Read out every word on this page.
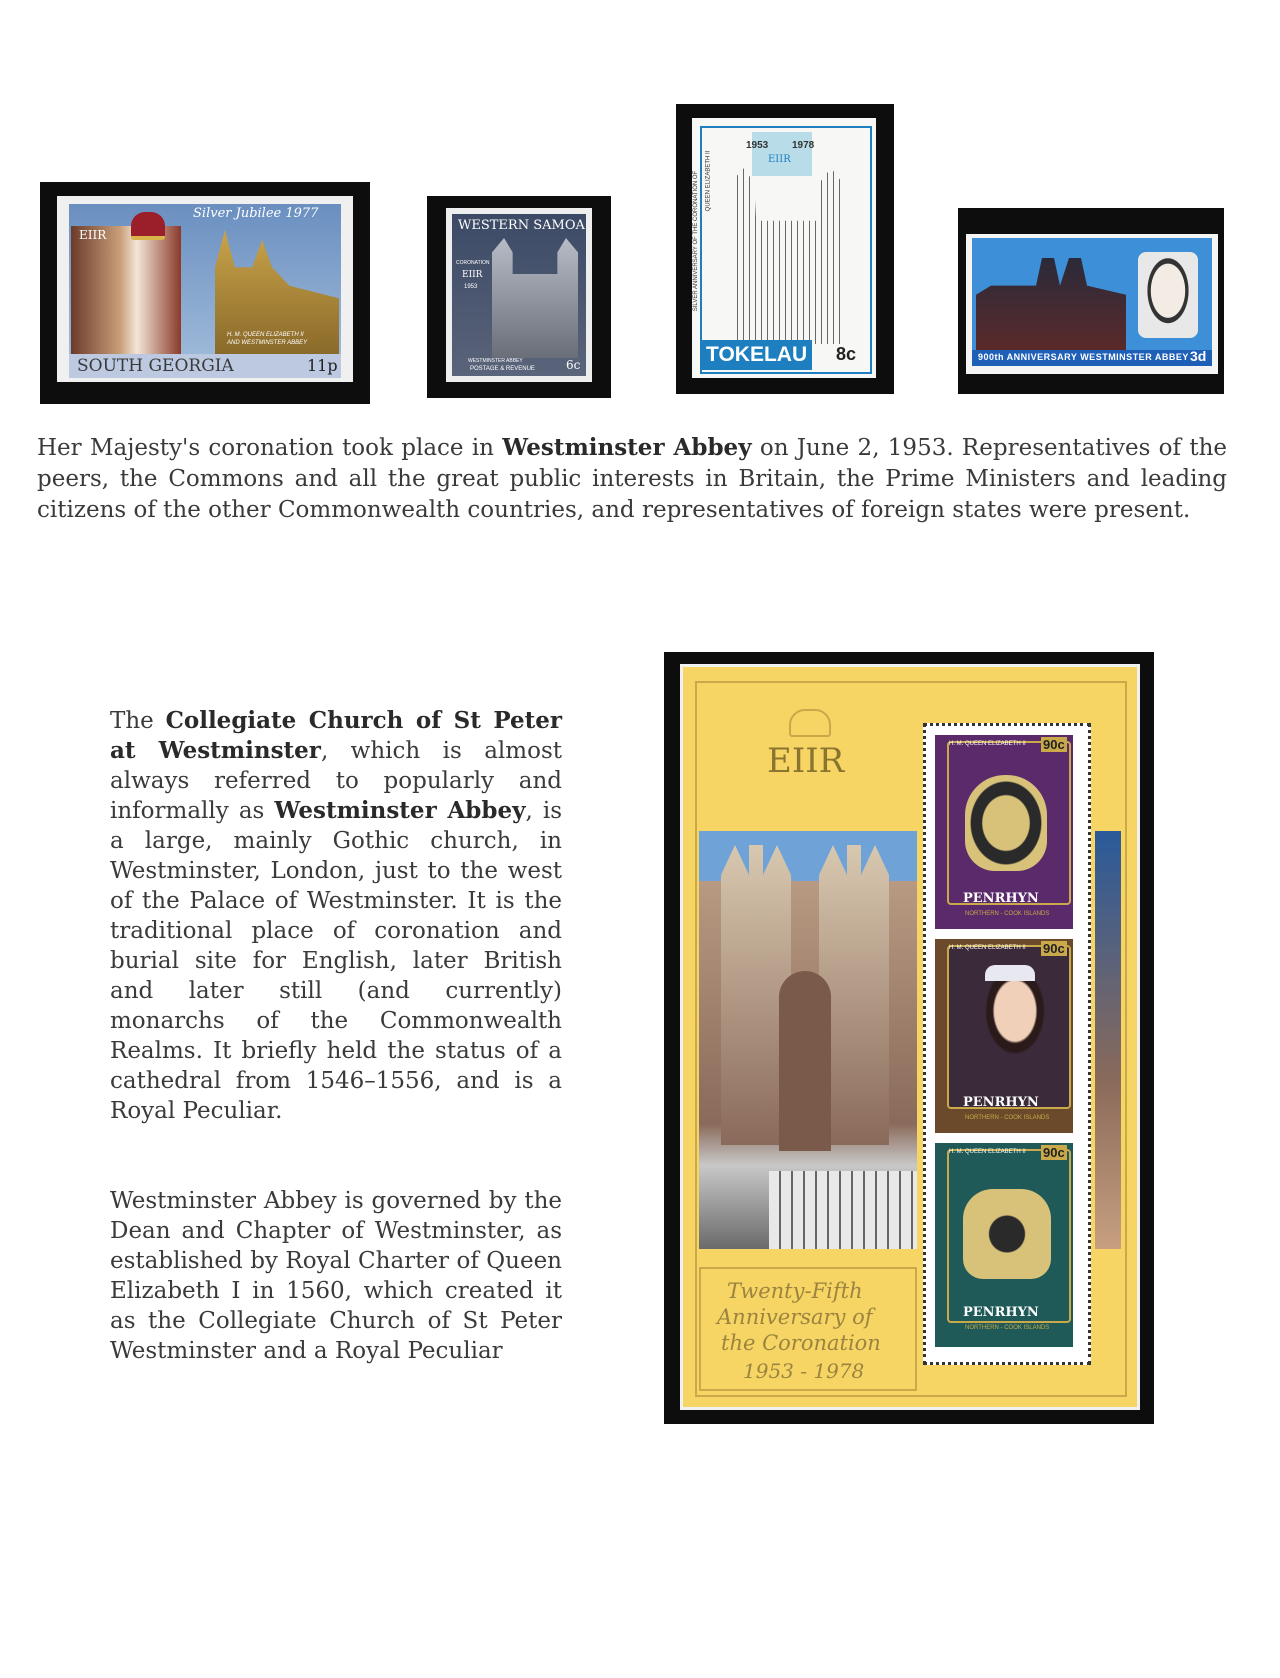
Silver Jubilee 1977
EIIR
H. M. QUEEN ELIZABETH II
AND WESTMINSTER ABBEY
SOUTH GEORGIA	11p
WESTERN SAMOA
CORONATION
EIIR
1953
WESTMINSTER ABBEY
POSTAGE & REVENUE	6c
1953 1978
EIIR
SILVER ANNIVERSARY OF THE CORONATION OF QUEEN ELIZABETH II
TOKELAU 8c	900th ANNIVERSARY WESTMINSTER ABBEY 3d
Her Majesty's coronation took place in Westminster Abbey on June 2, 1953. Representatives of the peers, the Commons and all the great public interests in Britain, the Prime Ministers and leading citizens of the other Commonwealth countries, and representatives of foreign states were present.
The Collegiate Church of St Peter at Westminster, which is almost always referred to popularly and informally as Westminster Abbey, is a large, mainly Gothic church, in Westminster, London, just to the west of the Palace of Westminster. It is the traditional place of coronation and burial site for English, later British and later still (and currently) monarchs of the Commonwealth Realms. It briefly held the status of a cathedral from 1546–1556, and is a Royal Peculiar.
Westminster Abbey is governed by the Dean and Chapter of Westminster, as established by Royal Charter of Queen Elizabeth I in 1560, which created it as the Collegiate Church of St Peter Westminster and a Royal Peculiar
EIIR
Twenty-Fifth
Anniversary of
the Coronation
1953 - 1978
H. M. QUEEN ELIZABETH II 90c
PENRHYN
NORTHERN - COOK ISLANDS
H. M. QUEEN ELIZABETH II 90c
PENRHYN
NORTHERN - COOK ISLANDS
H. M. QUEEN ELIZABETH II 90c
PENRHYN
NORTHERN - COOK ISLANDS
